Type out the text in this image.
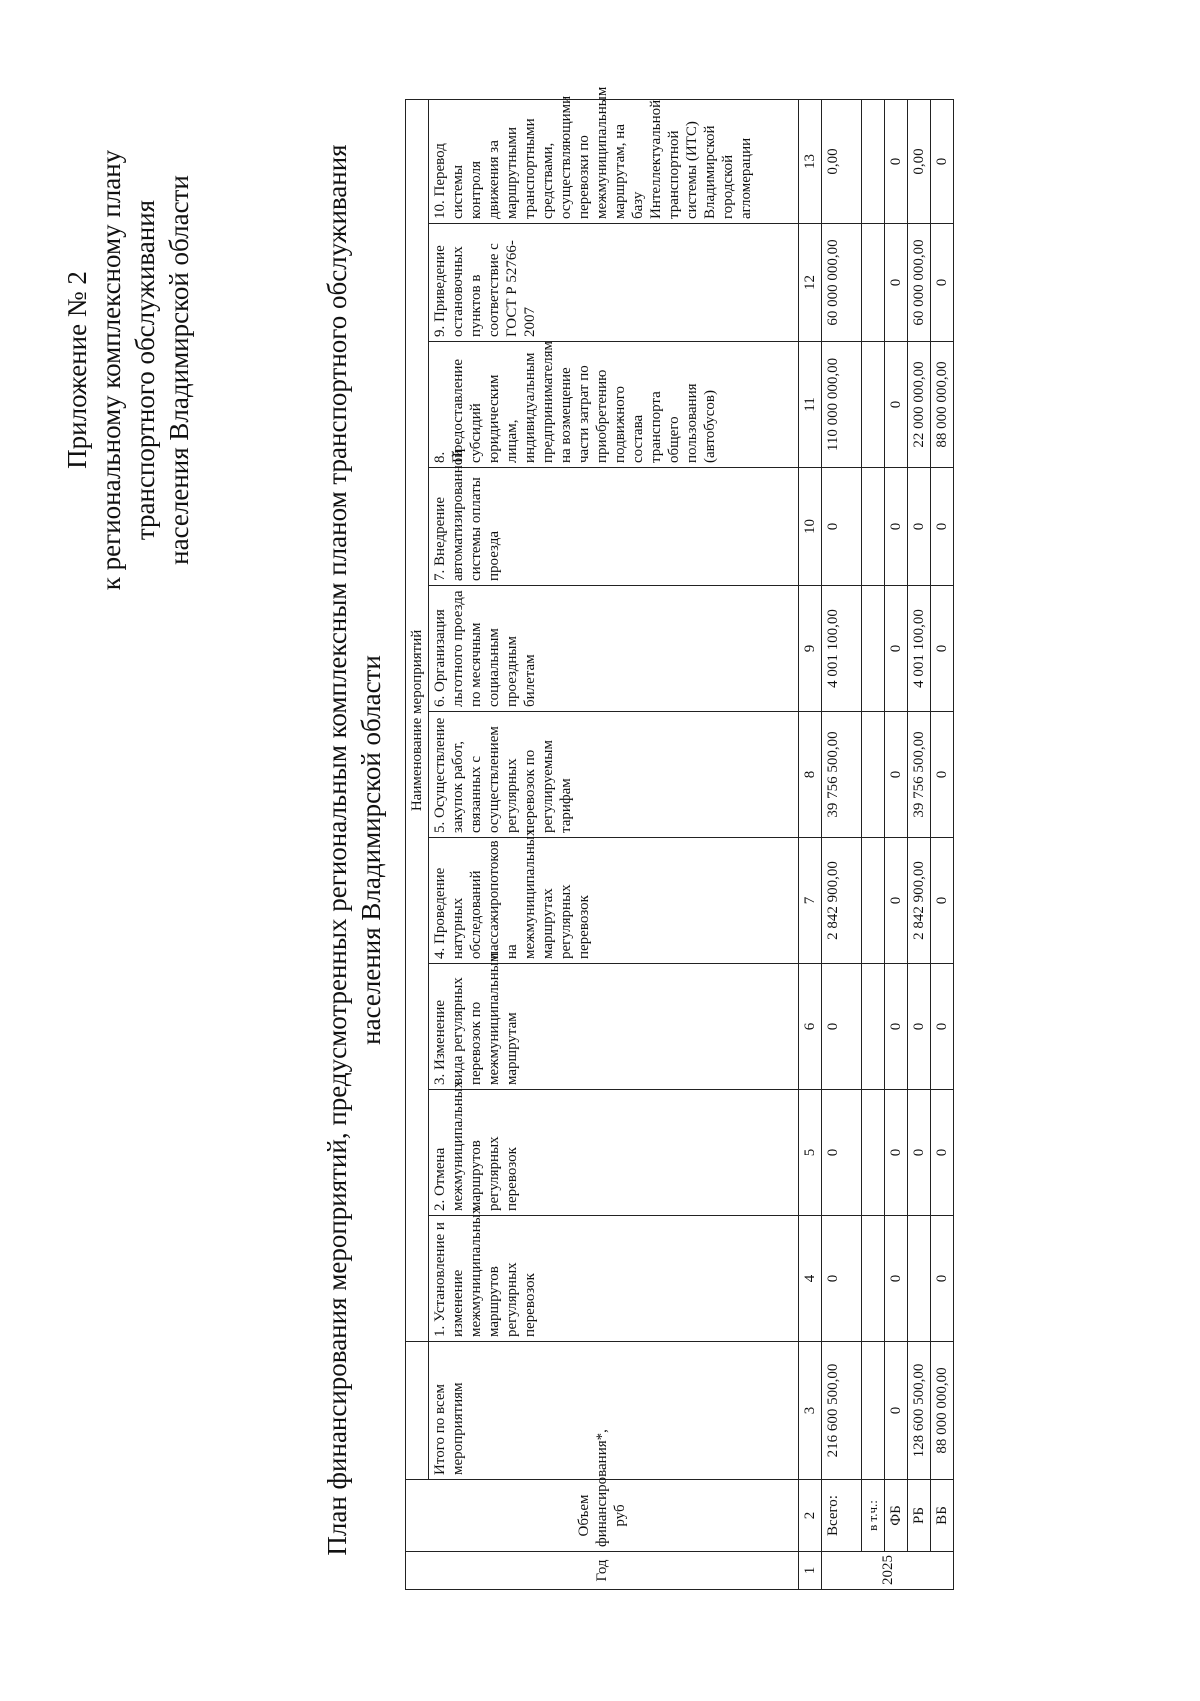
Приложение № 2 к региональному комплексному плану транспортного обслуживания населения Владимирской области	План финансирования мероприятий, предусмотренных региональным комплексным планом транспортного обслуживания населения Владимирской области
Год	Объем финансирования*, руб		Наименование мероприятий									
		Итого по всем мероприятиям	1. Установление и изменение межмуниципальных маршрутов регулярных перевозок	2. Отмена межмуниципальных маршрутов регулярных перевозок	3. Изменение вида регулярных перевозок по межмуниципальным маршрутам	4. Проведение натурных обследований пассажиропотоков на межмуниципальных маршрутах регулярных перевозок	5. Осуществление закупок работ, связанных с осуществлением регулярных перевозок по регулируемым тарифам	6. Организация льготного проезда по месячным социальным проездным билетам	7. Внедрение автоматизированной системы оплаты проезда	8. Предоставление субсидий юридическим лицам, индивидуальным предпринимателям на возмещение части затрат по приобретению подвижного состава транспорта общего пользования (автобусов)	9. Приведение остановочных пунктов в соответствие с ГОСТ Р 52766-2007	10. Перевод системы контроля движения за маршрутными транспортными средствами, осуществляющими перевозки по межмуниципальным маршрутам, на базу Интеллектуальной транспортной системы (ИТС) Владимирской городской агломерации
1	2	3	4	5	6	7	8	9	10	11	12	13
2025	Всего:	216 600 500,00	0	0	0	2 842 900,00	39 756 500,00	4 001 100,00	0	110 000 000,00	60 000 000,00	0,00
	в т.ч.:											
	ФБ	0	0	0	0	0	0	0	0	0	0	0
	РБ	128 600 500,00		0	0	2 842 900,00	39 756 500,00	4 001 100,00	0	22 000 000,00	60 000 000,00	0,00
	ВБ	88 000 000,00	0	0	0	0	0	0	0	88 000 000,00	0	0
